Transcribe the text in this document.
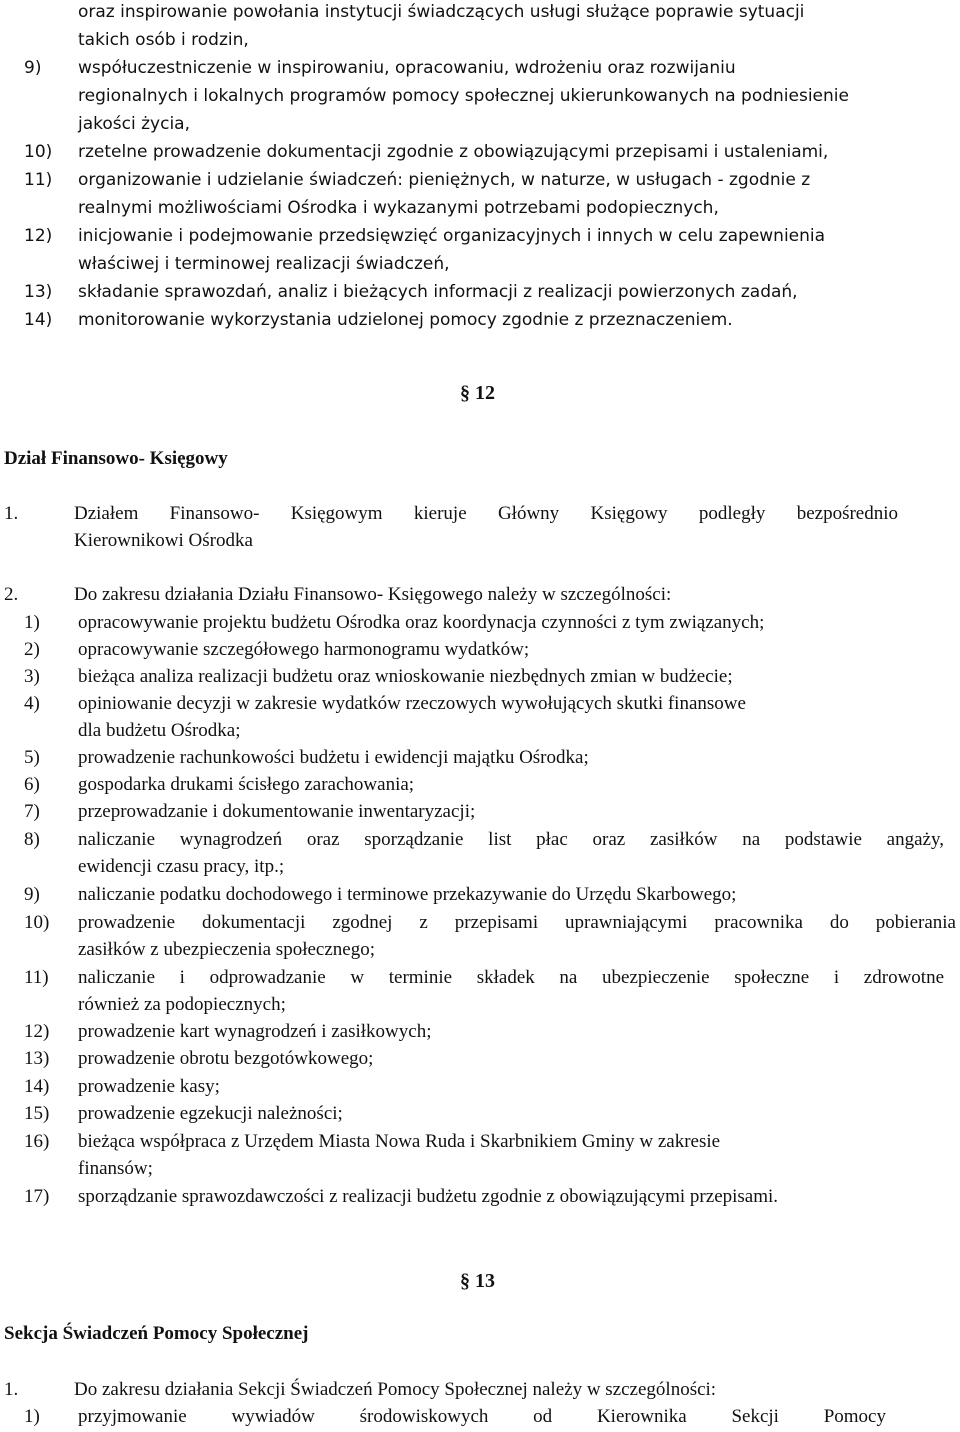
oraz inspirowanie powołania instytucji świadczących usługi służące poprawie sytuacji
takich osób i rodzin,
9) współuczestniczenie w inspirowaniu, opracowaniu, wdrożeniu oraz rozwijaniu
regionalnych i lokalnych programów pomocy społecznej ukierunkowanych na podniesienie
jakości życia,
10) rzetelne prowadzenie dokumentacji zgodnie z obowiązującymi przepisami i ustaleniami,
11) organizowanie i udzielanie świadczeń: pieniężnych, w naturze, w usługach - zgodnie z
realnymi możliwościami Ośrodka i wykazanymi potrzebami podopiecznych,
12) inicjowanie i podejmowanie przedsięwzięć organizacyjnych i innych w celu zapewnienia
właściwej i terminowej realizacji świadczeń,
13) składanie sprawozdań, analiz i bieżących informacji z realizacji powierzonych zadań,
14) monitorowanie wykorzystania udzielonej pomocy zgodnie z przeznaczeniem.
§ 12
Dział Finansowo- Księgowy
1.	Działem Finansowo- Księgowym kieruje Główny Księgowy podległy bezpośrednio
Kierownikowi Ośrodka
2.	Do zakresu działania Działu Finansowo- Księgowego należy w szczególności:
1) opracowywanie projektu budżetu Ośrodka oraz koordynacja czynności z tym związanych;
2) opracowywanie szczegółowego harmonogramu wydatków;
3) bieżąca analiza realizacji budżetu oraz wnioskowanie niezbędnych zmian w budżecie;
4) opiniowanie decyzji w zakresie wydatków rzeczowych wywołujących skutki finansowe
dla budżetu Ośrodka;
5) prowadzenie rachunkowości budżetu i ewidencji majątku Ośrodka;
6) gospodarka drukami ścisłego zarachowania;
7) przeprowadzanie i dokumentowanie inwentaryzacji;
8) naliczanie wynagrodzeń oraz sporządzanie list płac oraz zasiłków na podstawie angaży,
ewidencji czasu pracy, itp.;
9) naliczanie podatku dochodowego i terminowe przekazywanie do Urzędu Skarbowego;
10) prowadzenie dokumentacji zgodnej z przepisami uprawniającymi pracownika do pobierania
zasiłków z ubezpieczenia społecznego;
11) naliczanie i odprowadzanie w terminie składek na ubezpieczenie społeczne i zdrowotne
również za podopiecznych;
12) prowadzenie kart wynagrodzeń i zasiłkowych;
13) prowadzenie obrotu bezgotówkowego;
14) prowadzenie kasy;
15) prowadzenie egzekucji należności;
16) bieżąca współpraca z Urzędem Miasta Nowa Ruda i Skarbnikiem Gminy w zakresie
finansów;
17) sporządzanie sprawozdawczości z realizacji budżetu zgodnie z obowiązującymi przepisami.
§ 13
Sekcja Świadczeń Pomocy Społecznej
1.	Do zakresu działania Sekcji Świadczeń Pomocy Społecznej należy w szczególności:
1) przyjmowanie wywiadów środowiskowych od Kierownika Sekcji Pomocy
